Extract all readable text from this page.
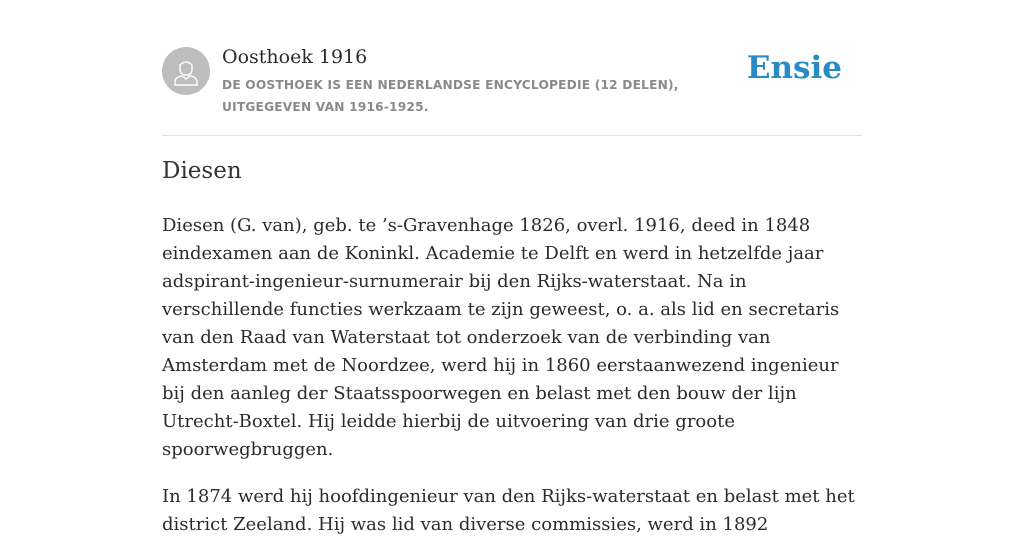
Oosthoek 1916
DE OOSTHOEK IS EEN NEDERLANDSE ENCYCLOPEDIE (12 DELEN), UITGEGEVEN VAN 1916-1925.
Ensie
Diesen

Diesen (G. van), geb. te ’s-Gravenhage 1826, overl. 1916, deed in 1848 eindexamen aan de Koninkl. Academie te Delft en werd in hetzelfde jaar adspirant-ingenieur-surnumerair bij den Rijks-waterstaat. Na in verschillende functies werkzaam te zijn geweest, o. a. als lid en secretaris van den Raad van Waterstaat tot onderzoek van de verbinding van Amsterdam met de Noordzee, werd hij in 1860 eerstaanwezend ingenieur bij den aanleg der Staatsspoorwegen en belast met den bouw der lijn Utrecht-Boxtel. Hij leidde hierbij de uitvoering van drie groote spoorwegbruggen.

In 1874 werd hij hoofdingenieur van den Rijks-waterstaat en belast met het district Zeeland. Hij was lid van diverse commissies, werd in 1892
